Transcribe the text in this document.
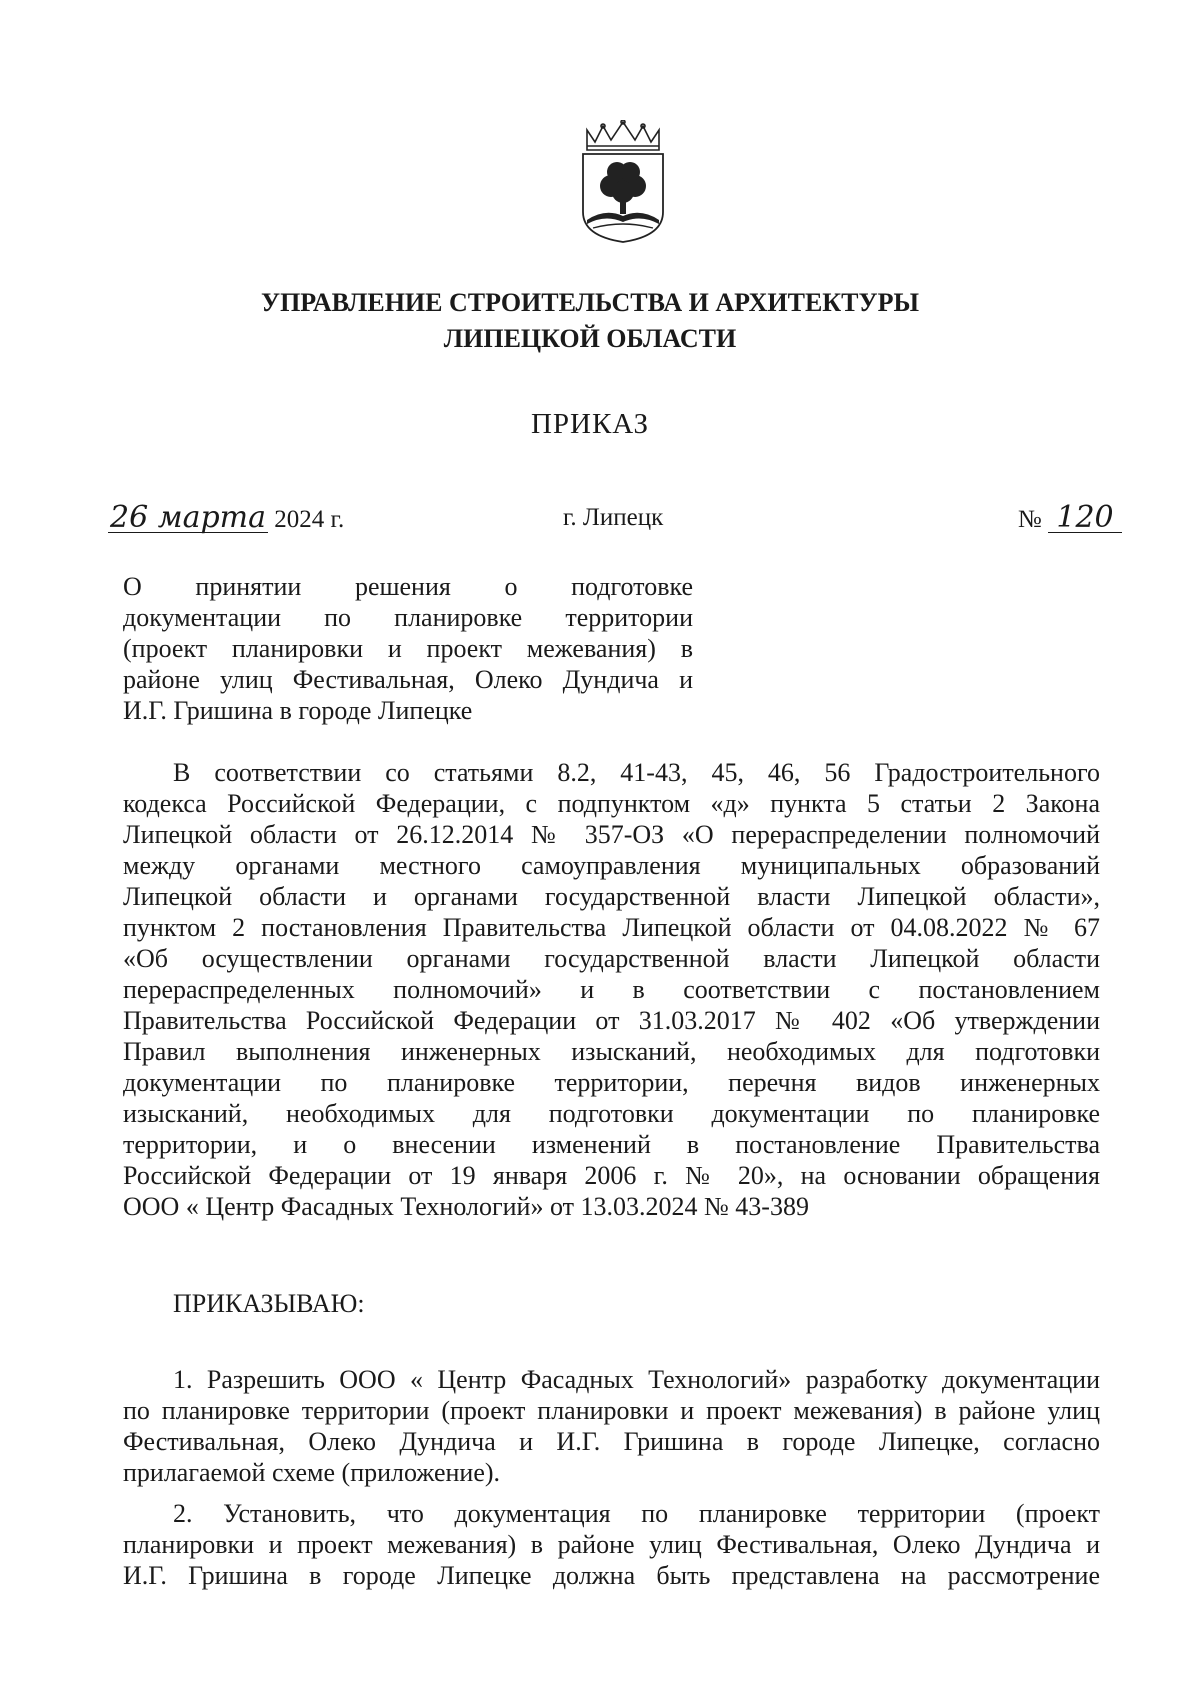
УПРАВЛЕНИЕ СТРОИТЕЛЬСТВА И АРХИТЕКТУРЫ
ЛИПЕЦКОЙ ОБЛАСТИ
ПРИКАЗ
26 марта 2024 г.	г. Липецк	№ 120
О принятии решения о подготовке
документации по планировке территории
(проект планировки и проект межевания) в
районе улиц Фестивальная, Олеко Дундича и
И.Г. Гришина в городе Липецке
В соответствии со статьями 8.2, 41-43, 45, 46, 56 Градостроительного
кодекса Российской Федерации, с подпунктом «д» пункта 5 статьи 2 Закона
Липецкой области от 26.12.2014 № 357-ОЗ «О перераспределении полномочий
между органами местного самоуправления муниципальных образований
Липецкой области и органами государственной власти Липецкой области»,
пунктом 2 постановления Правительства Липецкой области от 04.08.2022 № 67
«Об осуществлении органами государственной власти Липецкой области
перераспределенных полномочий» и в соответствии с постановлением
Правительства Российской Федерации от 31.03.2017 № 402 «Об утверждении
Правил выполнения инженерных изысканий, необходимых для подготовки
документации по планировке территории, перечня видов инженерных
изысканий, необходимых для подготовки документации по планировке
территории, и о внесении изменений в постановление Правительства
Российской Федерации от 19 января 2006 г. № 20», на основании обращения
ООО « Центр Фасадных Технологий» от 13.03.2024 № 43-389
ПРИКАЗЫВАЮ:
1. Разрешить ООО « Центр Фасадных Технологий» разработку документации
по планировке территории (проект планировки и проект межевания) в районе улиц
Фестивальная, Олеко Дундича и И.Г. Гришина в городе Липецке, согласно
прилагаемой схеме (приложение).
2. Установить, что документация по планировке территории (проект
планировки и проект межевания) в районе улиц Фестивальная, Олеко Дундича и
И.Г. Гришина в городе Липецке должна быть представлена на рассмотрение
